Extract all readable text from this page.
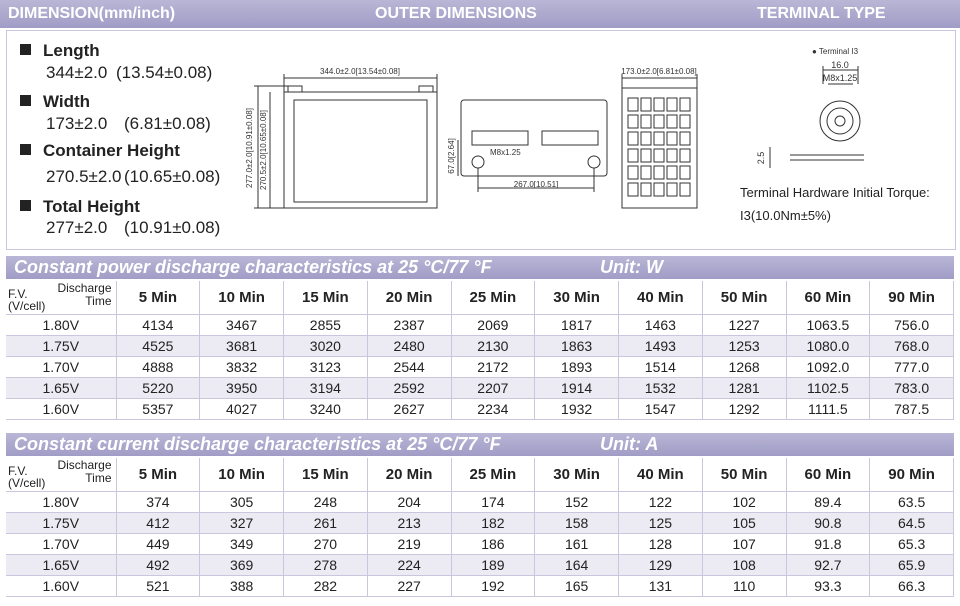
DIMENSION(mm/inch)	OUTER DIMENSIONS	TERMINAL TYPE
Length
344±2.0 (13.54±0.08)
Width
173±2.0 (6.81±0.08)
Container Height
270.5±2.0 (10.65±0.08)
Total Height
277±2.0 (10.91±0.08)
344.0±2.0[13.54±0.08]
277.0±2.0[10.91±0.08] 270.5±2.0[10.65±0.08]	67.0[2.64]	M8x1.25
267.0[10.51]
173.0±2.0[6.81±0.08]
● Terminal I3
16.0
M8x1.25
2.5
Terminal Hardware Initial Torque:
I3(10.0Nm±5%)
Constant power discharge characteristics at 25 °C/77 °F	Unit: W
Discharge
Time
F.V.
(V/cell)	5 Min	10 Min	15 Min	20 Min	25 Min	30 Min	40 Min	50 Min	60 Min	90 Min
1.80V	4134	3467	2855	2387	2069	1817	1463	1227	1063.5	756.0
1.75V	4525	3681	3020	2480	2130	1863	1493	1253	1080.0	768.0
1.70V	4888	3832	3123	2544	2172	1893	1514	1268	1092.0	777.0
1.65V	5220	3950	3194	2592	2207	1914	1532	1281	1102.5	783.0
1.60V	5357	4027	3240	2627	2234	1932	1547	1292	1111.5	787.5
Constant current discharge characteristics at 25 °C/77 °F	Unit: A
Discharge
Time
F.V.
(V/cell)	5 Min	10 Min	15 Min	20 Min	25 Min	30 Min	40 Min	50 Min	60 Min	90 Min
1.80V	374	305	248	204	174	152	122	102	89.4	63.5
1.75V	412	327	261	213	182	158	125	105	90.8	64.5
1.70V	449	349	270	219	186	161	128	107	91.8	65.3
1.65V	492	369	278	224	189	164	129	108	92.7	65.9
1.60V	521	388	282	227	192	165	131	110	93.3	66.3
